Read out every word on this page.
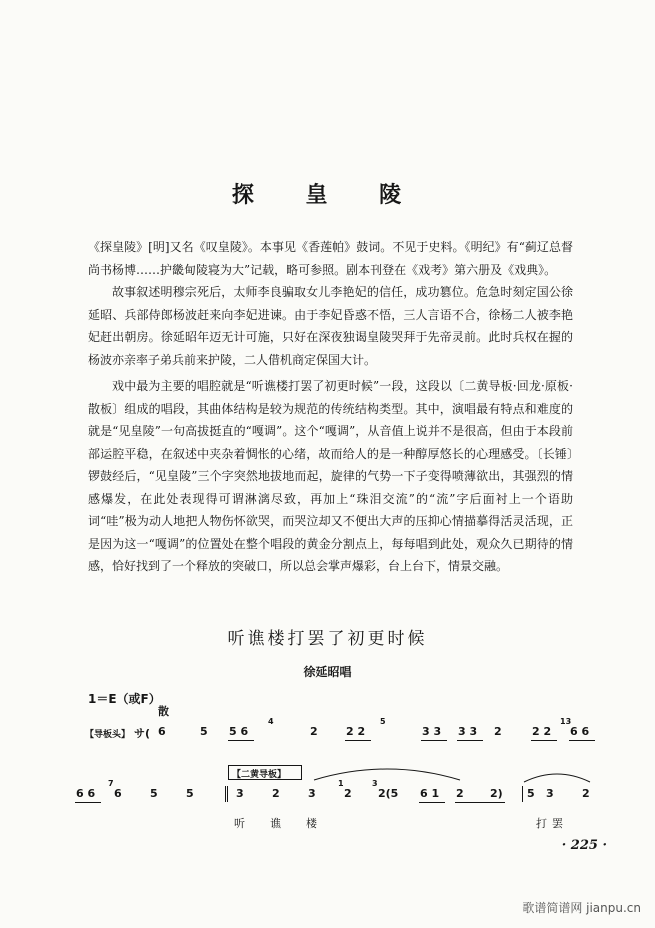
探 皇 陵

《探皇陵》[明]又名《叹皇陵》。本事见《香莲帕》鼓词。不见于史料。《明纪》有“蓟辽总督尚书杨博……护畿甸陵寝为大”记载，略可参照。剧本刊登在《戏考》第六册及《戏典》。

故事叙述明穆宗死后，太师李良骗取女儿李艳妃的信任，成功篡位。危急时刻定国公徐延昭、兵部侍郎杨波赶来向李妃进谏。由于李妃昏惑不悟，三人言语不合，徐杨二人被李艳妃赶出朝房。徐延昭年迈无计可施，只好在深夜独谒皇陵哭拜于先帝灵前。此时兵权在握的杨波亦亲率子弟兵前来护陵，二人借机商定保国大计。

戏中最为主要的唱腔就是“听谯楼打罢了初更时候”一段，这段以〔二黄导板·回龙·原板·散板〕组成的唱段，其曲体结构是较为规范的传统结构类型。其中，演唱最有特点和难度的就是“见皇陵”一句高拔挺直的“嘎调”。这个“嘎调”，从音值上说并不是很高，但由于本段前部运腔平稳，在叙述中夹杂着惆怅的心绪，故而给人的是一种醇厚悠长的心理感受。〔长锤〕锣鼓经后，“见皇陵”三个字突然地拔地而起，旋律的气势一下子变得喷薄欲出，其强烈的情感爆发，在此处表现得可谓淋漓尽致，再加上“珠泪交流”的“流”字后面衬上一个语助词“哇”极为动人地把人物伤怀欲哭，而哭泣却又不便出大声的压抑心情描摹得活灵活现，正是因为这一“嘎调”的位置处在整个唱段的黄金分割点上，每每唱到此处，观众久已期待的情感，恰好找到了一个释放的突破口，所以总会掌声爆彩，台上台下，情景交融。

听谯楼打罢了初更时候
徐延昭唱
1＝E（或F）
散
【导板头】 サ( 6	5 5 6
4
2	2 2
5
3 3 3 3 2	2 2
13
6 6
【二黄导板】
6 6
7
6	5	5	3	2	3
1
2
3
2(5 6 1 2 2) 5 3	2
听 谯 楼	打 罢
· 225 ·
歌谱简谱网 jianpu.cn
